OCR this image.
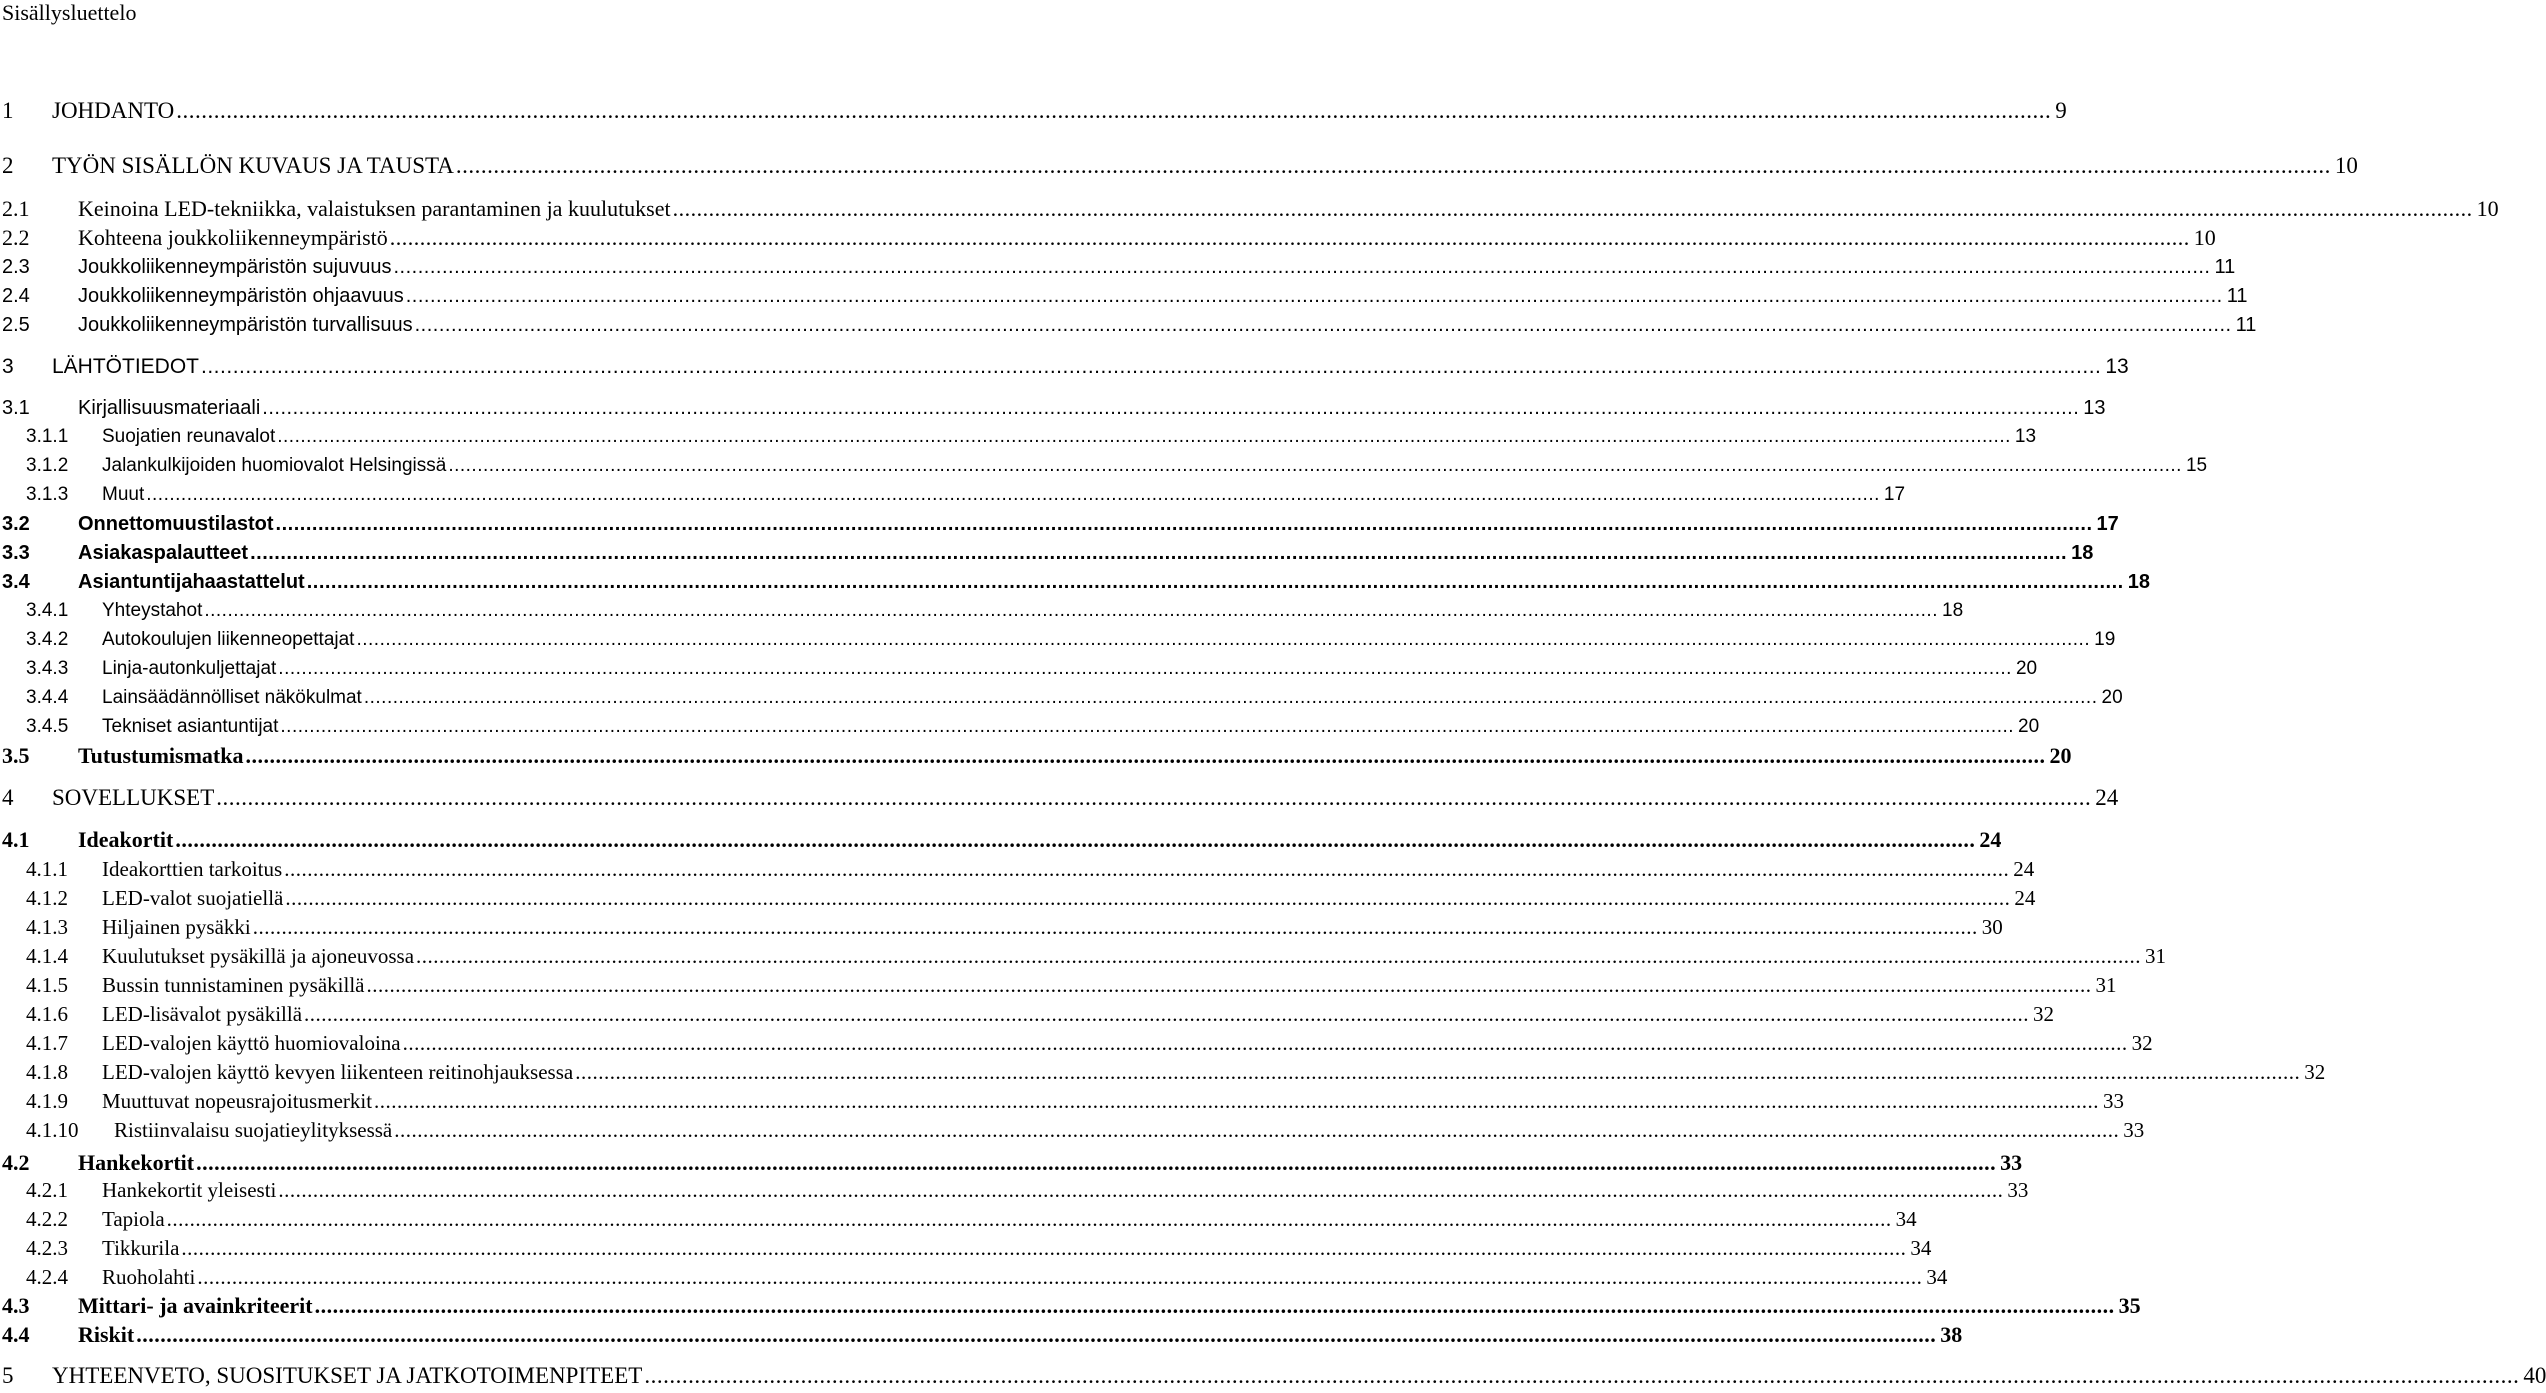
Sisällysluettelo
1 JOHDANTO ............................................................................................................................................................................................................................................................................................................ 9
2 TYÖN SISÄLLÖN KUVAUS JA TAUSTA ............................................................................................................................................................................................................................................................................................................ 10
2.1 Keinoina LED-tekniikka, valaistuksen parantaminen ja kuulutukset ............................................................................................................................................................................................................................................................................................................ 10
2.2 Kohteena joukkoliikenneympäristö ............................................................................................................................................................................................................................................................................................................ 10
2.3 Joukkoliikenneympäristön sujuvuus ............................................................................................................................................................................................................................................................................................................ 11
2.4 Joukkoliikenneympäristön ohjaavuus ............................................................................................................................................................................................................................................................................................................ 11
2.5 Joukkoliikenneympäristön turvallisuus ............................................................................................................................................................................................................................................................................................................ 11
3 LÄHTÖTIEDOT ............................................................................................................................................................................................................................................................................................................ 13
3.1 Kirjallisuusmateriaali ............................................................................................................................................................................................................................................................................................................ 13
3.1.1 Suojatien reunavalot ............................................................................................................................................................................................................................................................................................................ 13
3.1.2 Jalankulkijoiden huomiovalot Helsingissä ............................................................................................................................................................................................................................................................................................................ 15
3.1.3 Muut ............................................................................................................................................................................................................................................................................................................ 17
3.2 Onnettomuustilastot ............................................................................................................................................................................................................................................................................................................ 17
3.3 Asiakaspalautteet ............................................................................................................................................................................................................................................................................................................ 18
3.4 Asiantuntijahaastattelut ............................................................................................................................................................................................................................................................................................................ 18
3.4.1 Yhteystahot ............................................................................................................................................................................................................................................................................................................ 18
3.4.2 Autokoulujen liikenneopettajat ............................................................................................................................................................................................................................................................................................................ 19
3.4.3 Linja-autonkuljettajat ............................................................................................................................................................................................................................................................................................................ 20
3.4.4 Lainsäädännölliset näkökulmat ............................................................................................................................................................................................................................................................................................................ 20
3.4.5 Tekniset asiantuntijat ............................................................................................................................................................................................................................................................................................................ 20
3.5 Tutustumismatka ............................................................................................................................................................................................................................................................................................................ 20
4 SOVELLUKSET ............................................................................................................................................................................................................................................................................................................ 24
4.1 Ideakortit ............................................................................................................................................................................................................................................................................................................ 24
4.1.1 Ideakorttien tarkoitus ............................................................................................................................................................................................................................................................................................................ 24
4.1.2 LED-valot suojatiellä ............................................................................................................................................................................................................................................................................................................ 24
4.1.3 Hiljainen pysäkki ............................................................................................................................................................................................................................................................................................................ 30
4.1.4 Kuulutukset pysäkillä ja ajoneuvossa ............................................................................................................................................................................................................................................................................................................ 31
4.1.5 Bussin tunnistaminen pysäkillä ............................................................................................................................................................................................................................................................................................................ 31
4.1.6 LED-lisävalot pysäkillä ............................................................................................................................................................................................................................................................................................................ 32
4.1.7 LED-valojen käyttö huomiovaloina ............................................................................................................................................................................................................................................................................................................ 32
4.1.8 LED-valojen käyttö kevyen liikenteen reitinohjauksessa ............................................................................................................................................................................................................................................................................................................ 32
4.1.9 Muuttuvat nopeusrajoitusmerkit ............................................................................................................................................................................................................................................................................................................ 33
4.1.10 Ristiinvalaisu suojatieylityksessä ............................................................................................................................................................................................................................................................................................................ 33
4.2 Hankekortit ............................................................................................................................................................................................................................................................................................................ 33
4.2.1 Hankekortit yleisesti ............................................................................................................................................................................................................................................................................................................ 33
4.2.2 Tapiola ............................................................................................................................................................................................................................................................................................................ 34
4.2.3 Tikkurila ............................................................................................................................................................................................................................................................................................................ 34
4.2.4 Ruoholahti ............................................................................................................................................................................................................................................................................................................ 34
4.3 Mittari- ja avainkriteerit ............................................................................................................................................................................................................................................................................................................ 35
4.4 Riskit ............................................................................................................................................................................................................................................................................................................ 38
5 YHTEENVETO, SUOSITUKSET JA JATKOTOIMENPITEET ............................................................................................................................................................................................................................................................................................................ 40
